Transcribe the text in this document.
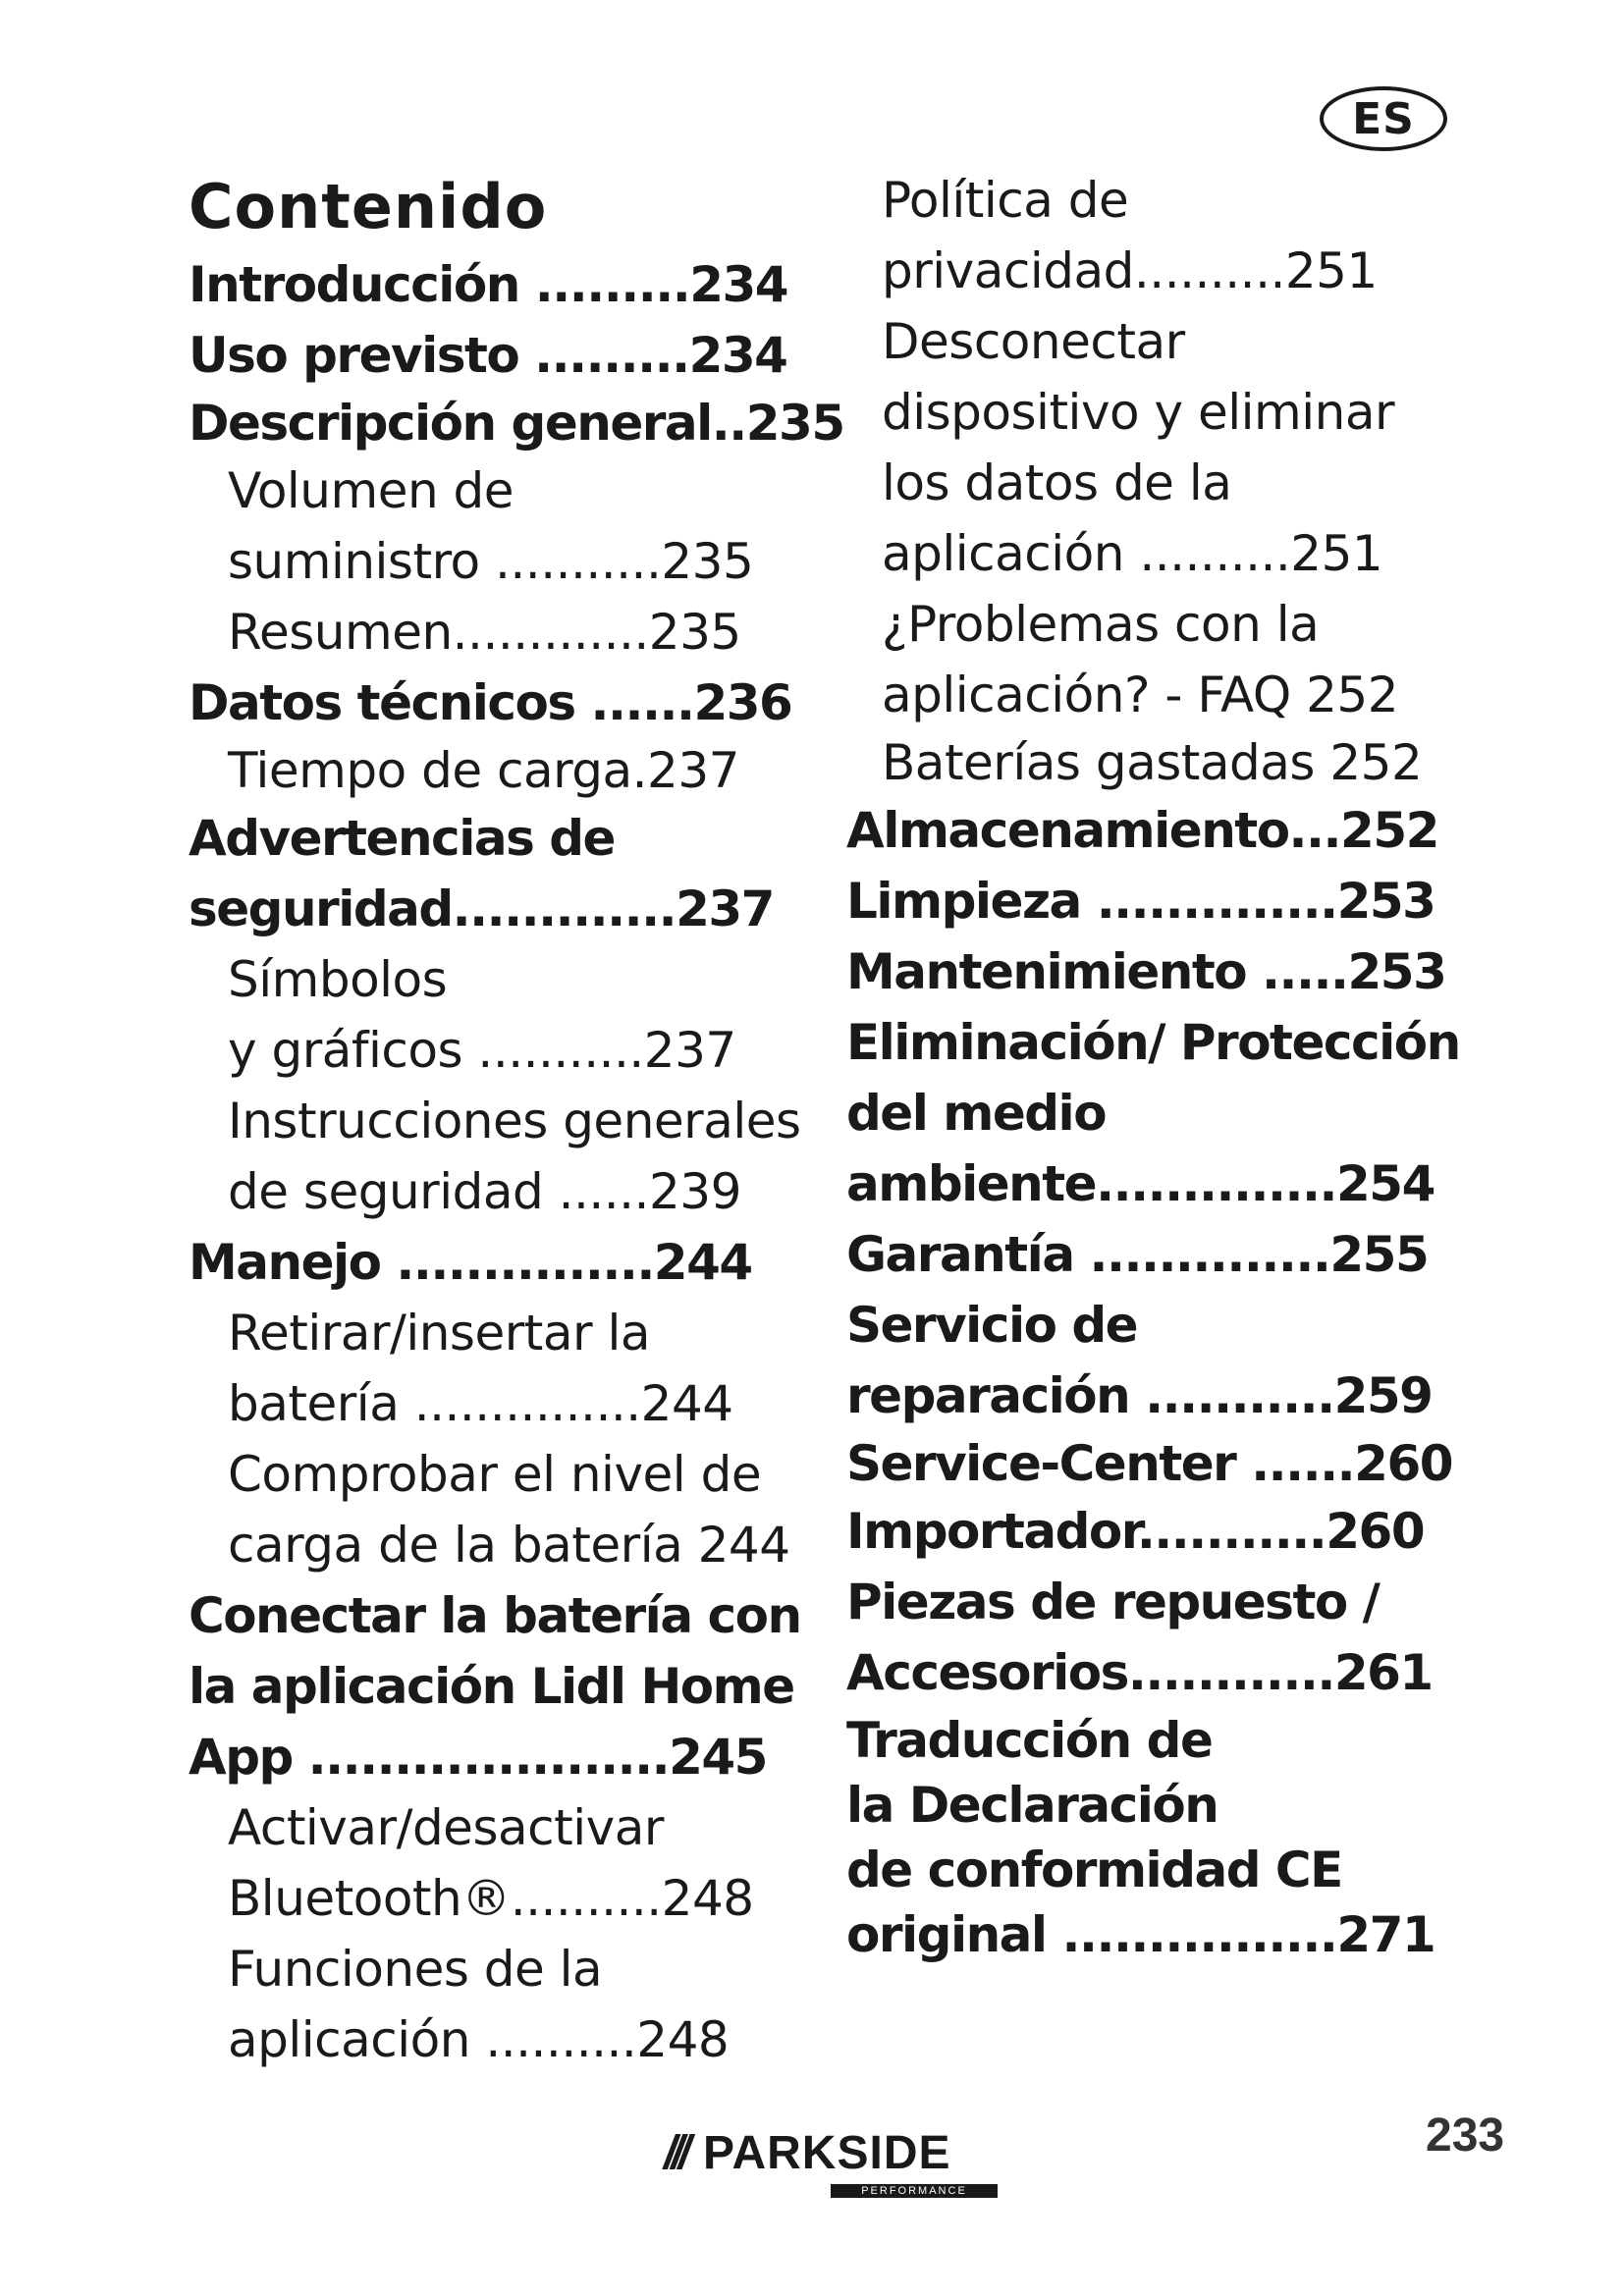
ES
Contenido
Introducción .........234
Uso previsto .........234
Descripción general..235
Volumen de
suministro ...........235
Resumen.............235
Datos técnicos ......236
Tiempo de carga.237
Advertencias de
seguridad.............237
Símbolos
y gráficos ...........237
Instrucciones generales
de seguridad ......239
Manejo ...............244
Retirar/insertar la
batería ...............244
Comprobar el nivel de
carga de la batería 244
Conectar la batería con
la aplicación Lidl Home
App .....................245
Activar/desactivar
Bluetooth®..........248
Funciones de la
aplicación ..........248
Política de
privacidad..........251
Desconectar
dispositivo y eliminar
los datos de la
aplicación ..........251
¿Problemas con la
aplicación? - FAQ 252
Baterías gastadas 252
Almacenamiento...252
Limpieza ..............253
Mantenimiento .....253
Eliminación/ Protección
del medio
ambiente..............254
Garantía ..............255
Servicio de
reparación ...........259
Service-Center ......260
Importador...........260
Piezas de repuesto /
Accesorios............261
Traducción de
la Declaración
de conformidad CE
original ................271
/// PARKSIDE
PERFORMANCE
233
